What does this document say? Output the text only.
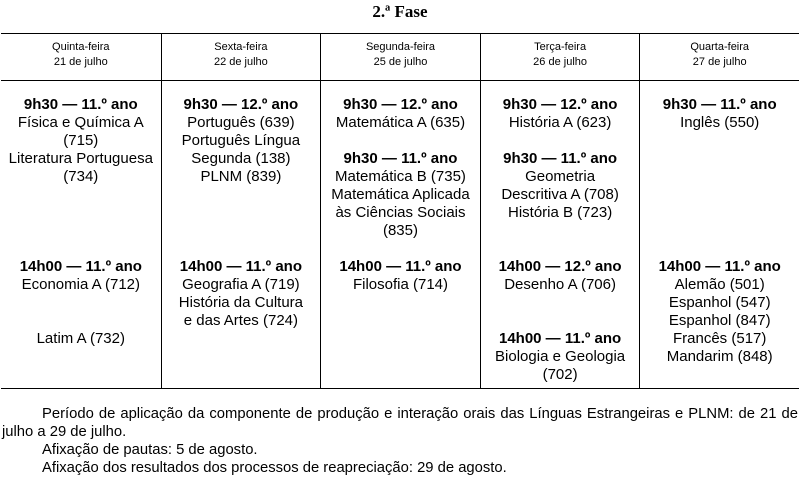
2.ª Fase
Quinta-feira
21 de julho
9h30 — 11.º ano
Física e Química A
(715)
Literatura Portuguesa
(734)
14h00 — 11.º ano
Economia A (712)
Latim A (732)
Sexta-feira
22 de julho
9h30 — 12.º ano
Português (639)
Português Língua
Segunda (138)
PLNM (839)
14h00 — 11.º ano
Geografia A (719)
História da Cultura
e das Artes (724)
Segunda-feira
25 de julho
9h30 — 12.º ano
Matemática A (635)
9h30 — 11.º ano
Matemática B (735)
Matemática Aplicada
às Ciências Sociais
(835)
14h00 — 11.º ano
Filosofia (714)
Terça-feira
26 de julho
9h30 — 12.º ano
História A (623)
9h30 — 11.º ano
Geometria
Descritiva A (708)
História B (723)
14h00 — 12.º ano
Desenho A (706)
14h00 — 11.º ano
Biologia e Geologia
(702)
Quarta-feira
27 de julho
9h30 — 11.º ano
Inglês (550)
14h00 — 11.º ano
Alemão (501)
Espanhol (547)
Espanhol (847)
Francês (517)
Mandarim (848)

Período de aplicação da componente de produção e interação orais das Línguas Estrangeiras e PLNM: de 21 de julho a 29 de julho.

Afixação de pautas: 5 de agosto.

Afixação dos resultados dos processos de reapreciação: 29 de agosto.
